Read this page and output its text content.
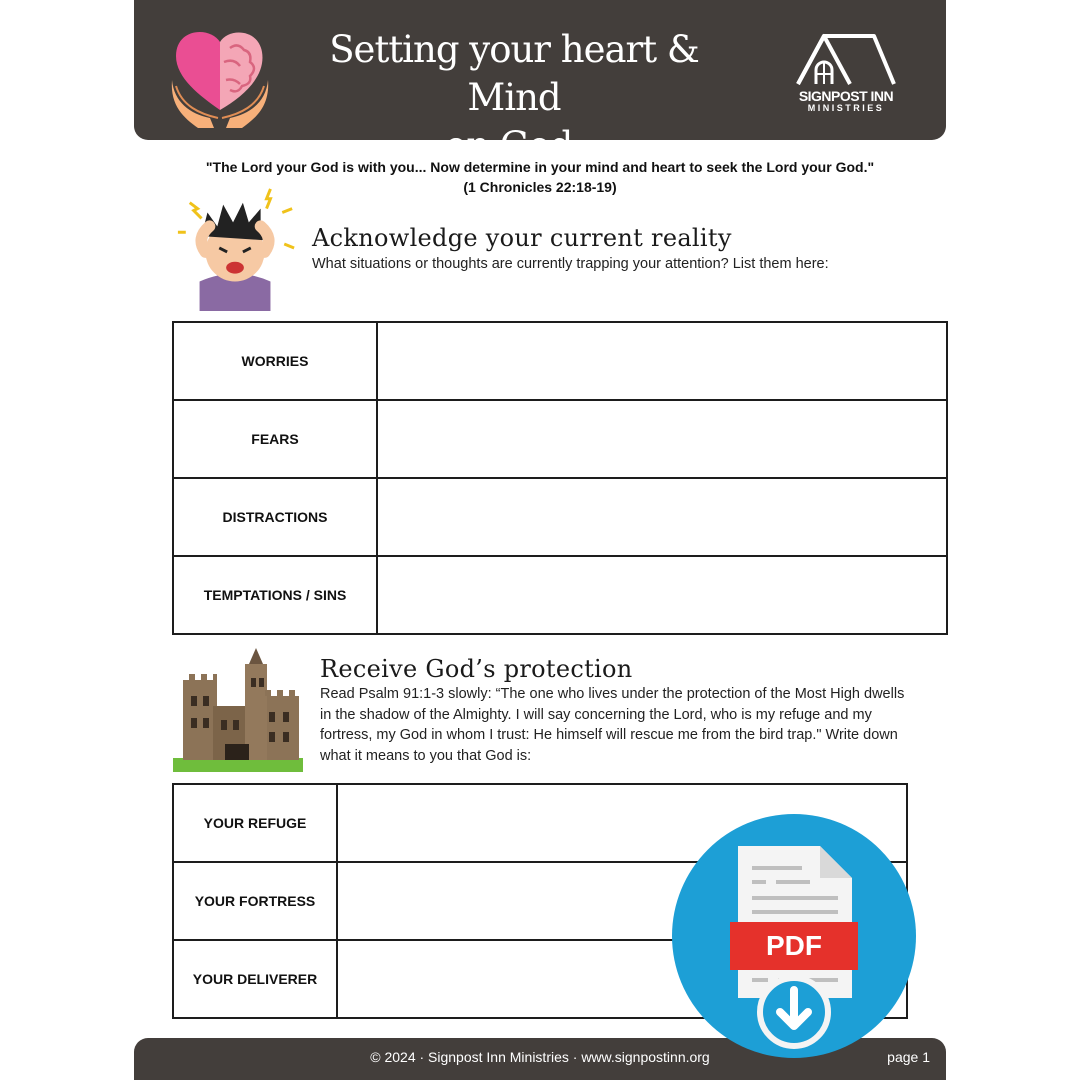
Setting your heart & Mind
on God.
SIGNPOST INN
MINISTRIES
"The Lord your God is with you... Now determine in your mind and heart to seek the Lord your God."
(1 Chronicles 22:18-19)
Acknowledge your current reality
What situations or thoughts are currently trapping your attention? List them here:
WORRIES	
FEARS	
DISTRACTIONS	
TEMPTATIONS / SINS	
Receive God’s protection
Read Psalm 91:1-3 slowly: “The one who lives under the protection of the Most High dwells in the shadow of the Almighty. I will say concerning the Lord, who is my refuge and my fortress, my God in whom I trust: He himself will rescue me from the bird trap." Write down what it means to you that God is:
YOUR REFUGE	
YOUR FORTRESS	
YOUR DELIVERER	
© 2024 · Signpost Inn Ministries · www.signpostinn.org	page 1
PDF
